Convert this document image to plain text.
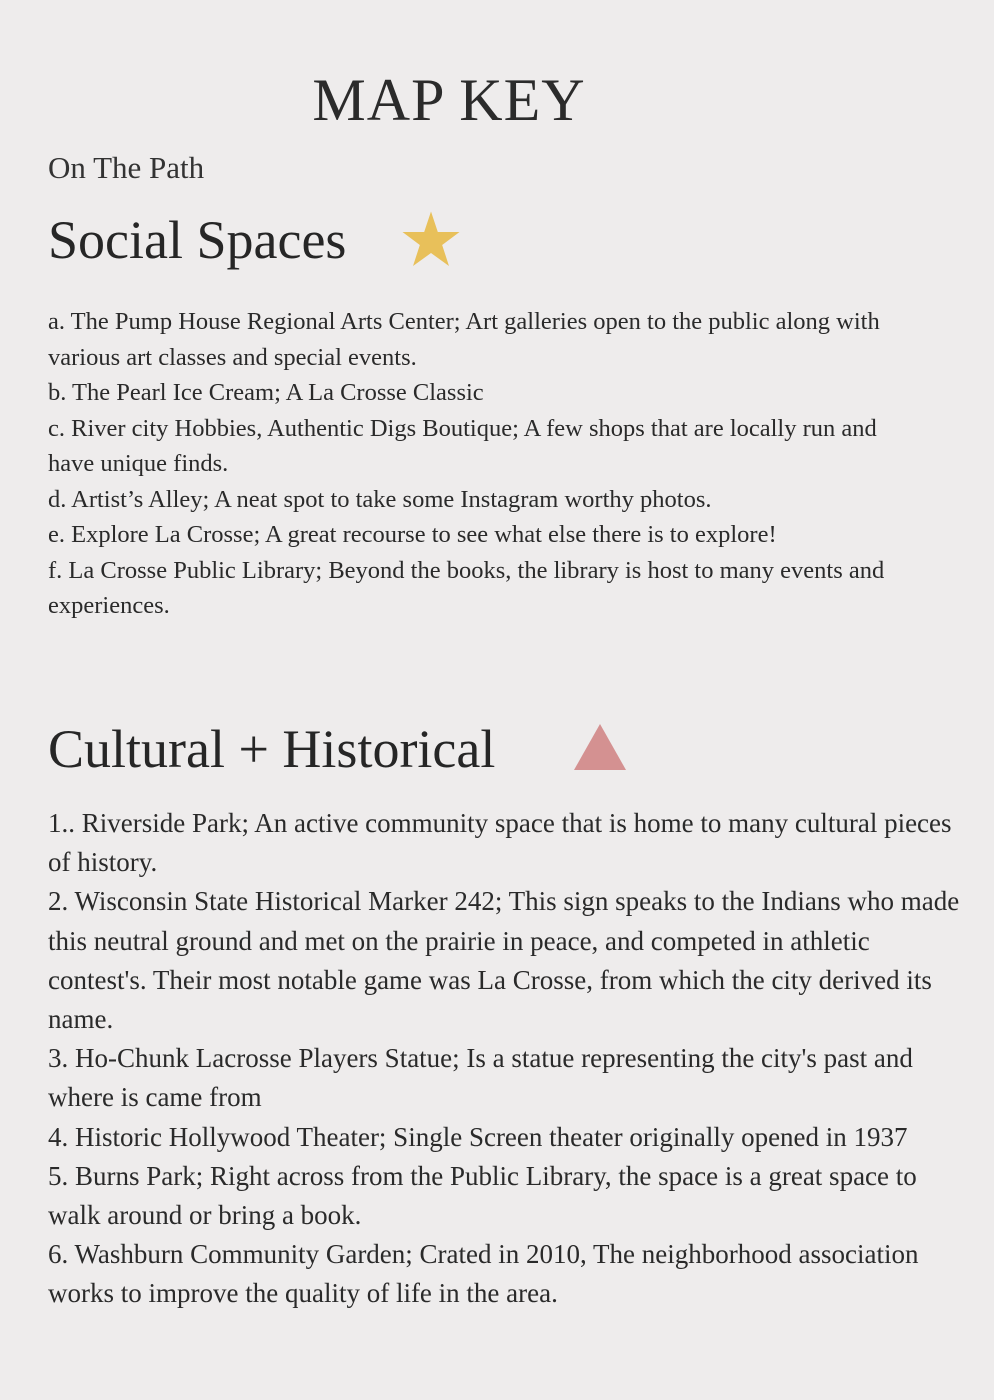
MAP KEY

On The Path

Social Spaces
a. The Pump House Regional Arts Center; Art galleries open to the public along with various art classes and special events.
b. The Pearl Ice Cream; A La Crosse Classic
c. River city Hobbies, Authentic Digs Boutique; A few shops that are locally run and have unique finds.
d. Artist’s Alley; A neat spot to take some Instagram worthy photos.
e. Explore La Crosse; A great recourse to see what else there is to explore!
f. La Crosse Public Library; Beyond the books, the library is host to many events and experiences.
Cultural + Historical
1.. Riverside Park; An active community space that is home to many cultural pieces of history.
2. Wisconsin State Historical Marker 242; This sign speaks to the Indians who made this neutral ground and met on the prairie in peace, and competed in athletic contest's. Their most notable game was La Crosse, from which the city derived its name.
3. Ho-Chunk Lacrosse Players Statue; Is a statue representing the city's past and where is came from
4. Historic Hollywood Theater; Single Screen theater originally opened in 1937
5. Burns Park; Right across from the Public Library, the space is a great space to walk around or bring a book.
6. Washburn Community Garden; Crated in 2010, The neighborhood association works to improve the quality of life in the area.
